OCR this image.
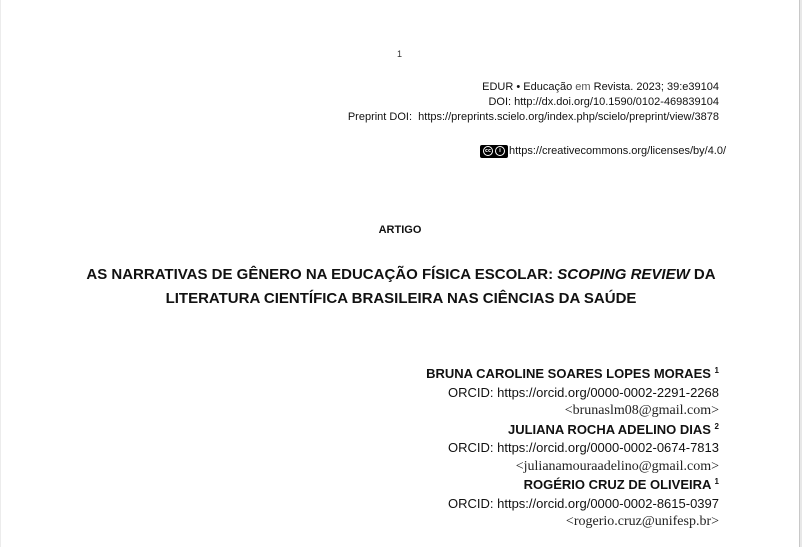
1
EDUR • Educação em Revista. 2023; 39:e39104
DOI: http://dx.doi.org/10.1590/0102-469839104
Preprint DOI: https://preprints.scielo.org/index.php/scielo/preprint/view/3878
cc	i https://creativecommons.org/licenses/by/4.0/
ARTIGO
AS NARRATIVAS DE GÊNERO NA EDUCAÇÃO FÍSICA ESCOLAR: SCOPING REVIEW DA LITERATURA CIENTÍFICA BRASILEIRA NAS CIÊNCIAS DA SAÚDE
BRUNA CAROLINE SOARES LOPES MORAES $^1$
ORCID: https://orcid.org/0000-0002-2291-2268
<brunaslm08@gmail.com>
JULIANA ROCHA ADELINO DIAS $^2$
ORCID: https://orcid.org/0000-0002-0674-7813
<julianamouraadelino@gmail.com>
ROGÉRIO CRUZ DE OLIVEIRA $^1$
ORCID: https://orcid.org/0000-0002-8615-0397
<rogerio.cruz@unifesp.br>
